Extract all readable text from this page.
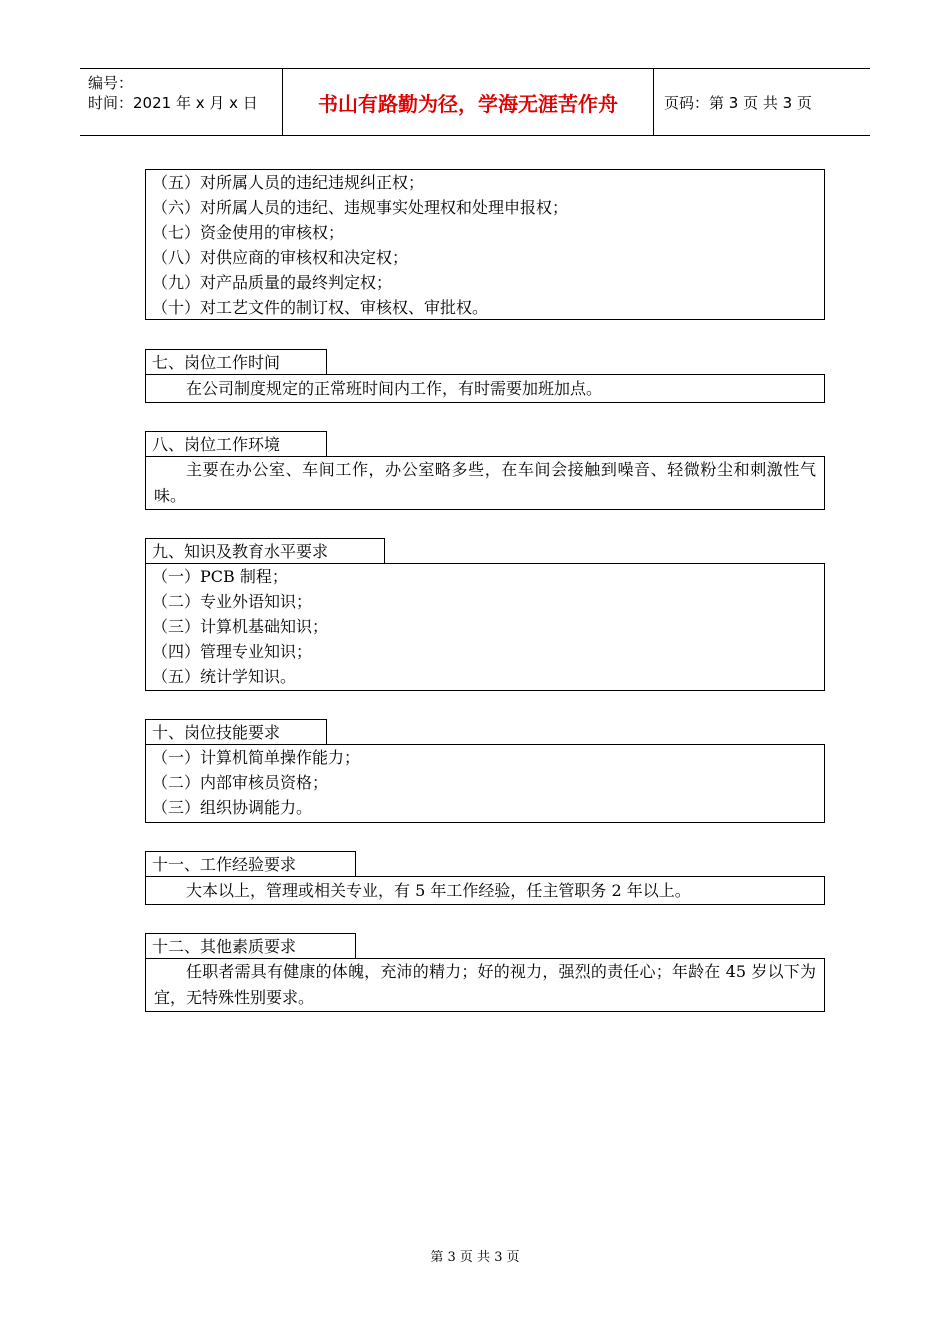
编号：
时间：2021 年 x 月 x 日	书山有路勤为径，学海无涯苦作舟	页码：第 3 页 共 3 页
（五）对所属人员的违纪违规纠正权；
（六）对所属人员的违纪、违规事实处理权和处理申报权；
（七）资金使用的审核权；
（八）对供应商的审核权和决定权；
（九）对产品质量的最终判定权；
（十）对工艺文件的制订权、审核权、审批权。
七、岗位工作时间
在公司制度规定的正常班时间内工作，有时需要加班加点。
八、岗位工作环境
主要在办公室、车间工作，办公室略多些，在车间会接触到噪音、轻微粉尘和刺激性气味。
九、知识及教育水平要求
（一）PCB 制程；
（二）专业外语知识；
（三）计算机基础知识；
（四）管理专业知识；
（五）统计学知识。
十、岗位技能要求
（一）计算机简单操作能力；
（二）内部审核员资格；
（三）组织协调能力。
十一、工作经验要求
大本以上，管理或相关专业，有 5 年工作经验，任主管职务 2 年以上。
十二、其他素质要求
任职者需具有健康的体魄，充沛的精力；好的视力，强烈的责任心；年龄在 45 岁以下为宜，无特殊性别要求。
第 3 页 共 3 页
